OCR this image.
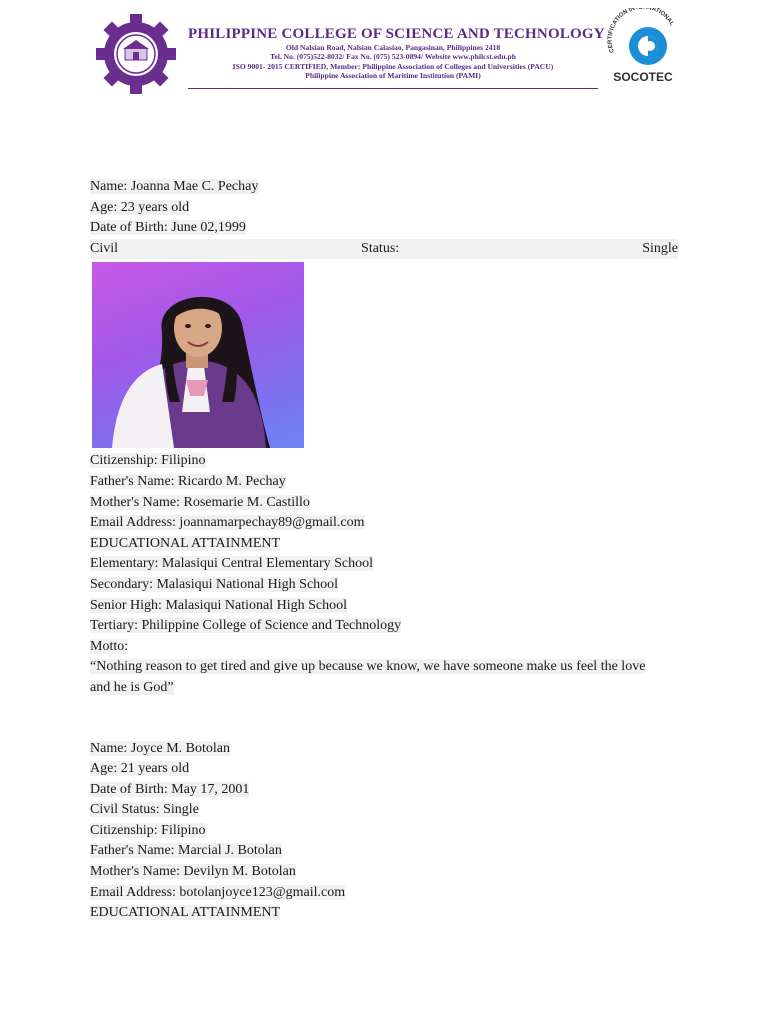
PHILIPPINE COLLEGE OF SCIENCE AND TECHNOLOGY
Old Nalsian Road, Nalsian Calasiao, Pangasinan, Philippines 2418
Tel. No. (075)522-8032/ Fax No. (075) 523-0894/ Website www.philcst.edu.ph
ISO 9001- 2015 CERTIFIED, Member: Philippine Association of Colleges and Universities (PACU)
Philippine Association of Maritime Institution (PAMI)
CERTIFICATION INT NATIONAL
SOCOTEC
Name: Joanna Mae C. Pechay
Age: 23 years old
Date of Birth: June 02,1999
Civil	Status:	Single
Citizenship: Filipino
Father's Name: Ricardo M. Pechay
Mother's Name: Rosemarie M. Castillo
Email Address: joannamarpechay89@gmail.com
EDUCATIONAL ATTAINMENT
Elementary: Malasiqui Central Elementary School
Secondary: Malasiqui National High School
Senior High: Malasiqui National High School
Tertiary: Philippine College of Science and Technology
Motto:
“Nothing reason to get tired and give up because we know, we have someone make us feel the love and he is God”
Name: Joyce M. Botolan
Age: 21 years old
Date of Birth: May 17, 2001
Civil Status: Single
Citizenship: Filipino
Father's Name: Marcial J. Botolan
Mother's Name: Devilyn M. Botolan
Email Address: botolanjoyce123@gmail.com
EDUCATIONAL ATTAINMENT
